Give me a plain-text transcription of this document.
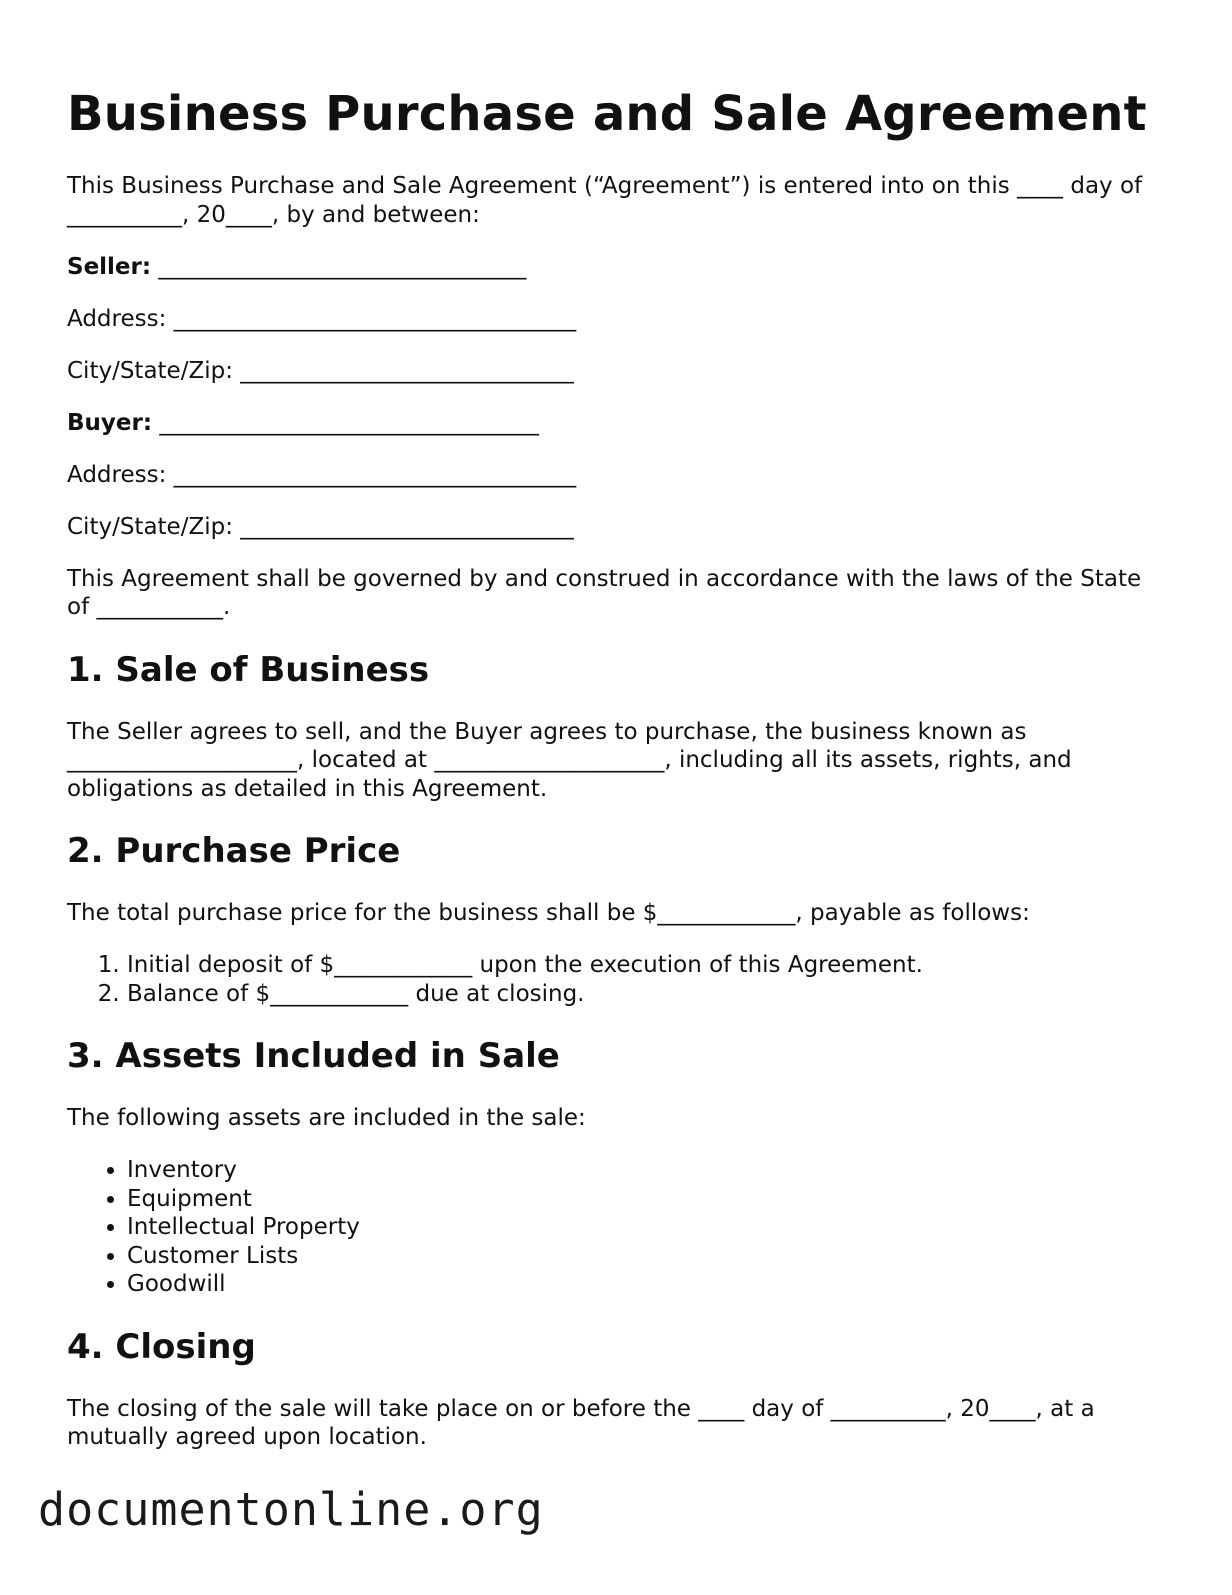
Business Purchase and Sale Agreement

This Business Purchase and Sale Agreement (“Agreement”) is entered into on this ____ day of __________, 20____, by and between:

Seller: ________________________________
Address: ___________________________________
City/State/Zip: _____________________________
Buyer: _________________________________
Address: ___________________________________
City/State/Zip: _____________________________

This Agreement shall be governed by and construed in accordance with the laws of the State of ___________.

1. Sale of Business

The Seller agrees to sell, and the Buyer agrees to purchase, the business known as ____________________, located at ____________________, including all its assets, rights, and obligations as detailed in this Agreement.

2. Purchase Price

The total purchase price for the business shall be $____________, payable as follows:

1. Initial deposit of $____________ upon the execution of this Agreement.
2. Balance of $____________ due at closing.
3. Assets Included in Sale

The following assets are included in the sale:

• Inventory
• Equipment
• Intellectual Property
• Customer Lists
• Goodwill
4. Closing

The closing of the sale will take place on or before the ____ day of __________, 20____, at a mutually agreed upon location.

documentonline.org
